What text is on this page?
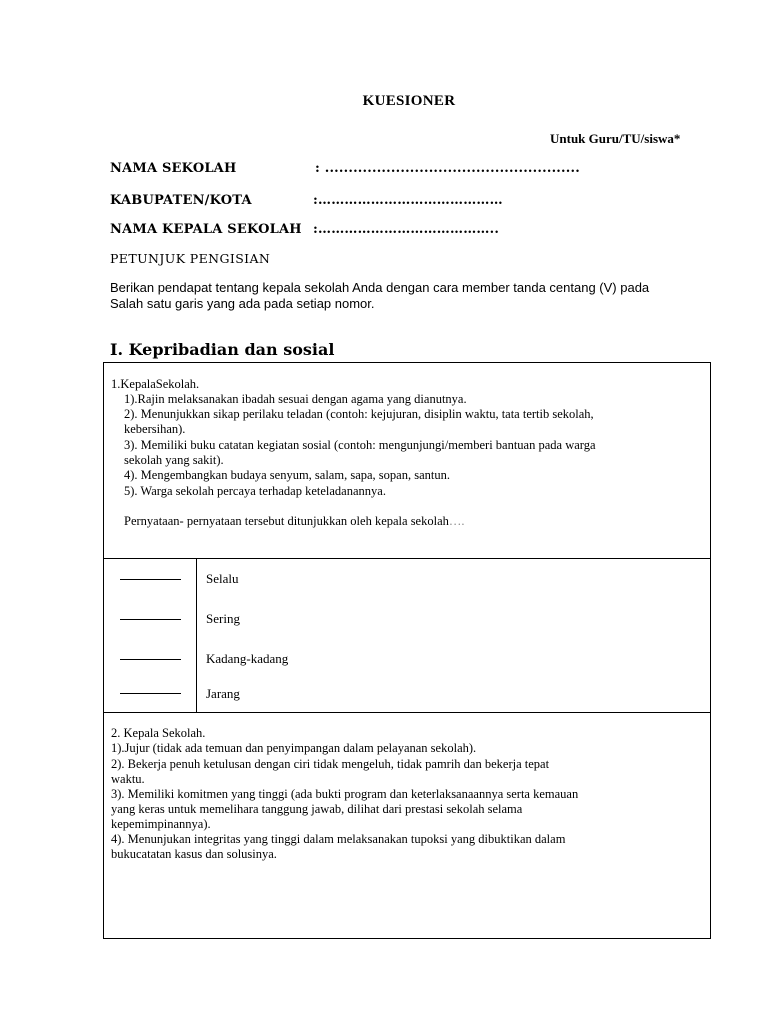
KUESIONER
Untuk Guru/TU/siswa*
NAMA SEKOLAH	: ......................................................
KABUPATEN/KOTA	:……………………………………
NAMA KEPALA SEKOLAH :…………………………………..
PETUNJUK PENGISIAN
Berikan pendapat tentang kepala sekolah Anda dengan cara member tanda centang (V) pada
Salah satu garis yang ada pada setiap nomor.
I. Kepribadian dan sosial
1.KepalaSekolah.
1).Rajin melaksanakan ibadah sesuai dengan agama yang dianutnya.
2). Menunjukkan sikap perilaku teladan (contoh: kejujuran, disiplin waktu, tata tertib sekolah,
kebersihan).
3). Memiliki buku catatan kegiatan sosial (contoh: mengunjungi/memberi bantuan pada warga
sekolah yang sakit).
4). Mengembangkan budaya senyum, salam, sapa, sopan, santun.
5). Warga sekolah percaya terhadap keteladanannya.
Pernyataan- pernyataan tersebut ditunjukkan oleh kepala sekolah….
Selalu
Sering
Kadang-kadang
Jarang
2. Kepala Sekolah.
1).Jujur (tidak ada temuan dan penyimpangan dalam pelayanan sekolah).
2). Bekerja penuh ketulusan dengan ciri tidak mengeluh, tidak pamrih dan bekerja tepat
waktu.
3). Memiliki komitmen yang tinggi (ada bukti program dan keterlaksanaannya serta kemauan
yang keras untuk memelihara tanggung jawab, dilihat dari prestasi sekolah selama
kepemimpinannya).
4). Menunjukan integritas yang tinggi dalam melaksanakan tupoksi yang dibuktikan dalam
bukucatatan kasus dan solusinya.
